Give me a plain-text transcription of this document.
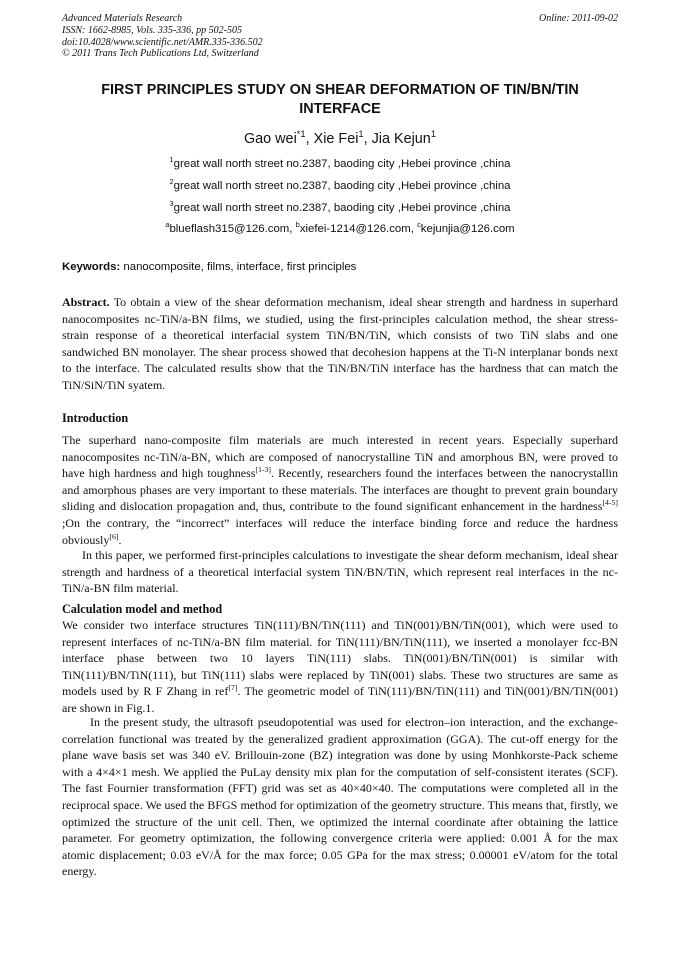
Advanced Materials Research
ISSN: 1662-8985, Vols. 335-336, pp 502-505
doi:10.4028/www.scientific.net/AMR.335-336.502
© 2011 Trans Tech Publications Ltd, Switzerland
Online: 2011-09-02
FIRST PRINCIPLES STUDY ON SHEAR DEFORMATION OF TIN/BN/TIN INTERFACE
Gao wei$^{*1}$, Xie Fei$^1$, Jia Kejun$^1$
$^1$great wall north street no.2387, baoding city ,Hebei province ,china
$^2$great wall north street no.2387, baoding city ,Hebei province ,china
$^3$great wall north street no.2387, baoding city ,Hebei province ,china
$^a$blueflash315@126.com, $^b$xiefei-1214@126.com, $^c$kejunjia@126.com
Keywords: nanocomposite, films, interface, first principles
Abstract. To obtain a view of the shear deformation mechanism, ideal shear strength and hardness in superhard nanocomposites nc-TiN/a-BN films, we studied, using the first-principles calculation method, the shear stress-strain response of a theoretical interfacial system TiN/BN/TiN, which consists of two TiN slabs and one sandwiched BN monolayer. The shear process showed that decohesion happens at the Ti-N interplanar bonds next to the interface. The calculated results show that the TiN/BN/TiN interface has the hardness that can match the TiN/SiN/TiN syatem.
Introduction
The superhard nano-composite film materials are much interested in recent years. Especially superhard nanocomposites nc-TiN/a-BN, which are composed of nanocrystalline TiN and amorphous BN, were proved to have high hardness and high toughness[1-3]. Recently, researchers found the interfaces between the nanocrystallin and amorphous phases are very important to these materials. The interfaces are thought to prevent grain boundary sliding and dislocation propagation and, thus, contribute to the found significant enhancement in the hardness[4-5] ;On the contrary, the “incorrect” interfaces will reduce the interface binding force and reduce the hardness obviously[6].
In this paper, we performed first-principles calculations to investigate the shear deform mechanism, ideal shear strength and hardness of a theoretical interfacial system TiN/BN/TiN, which represent real interfaces in the nc-TiN/a-BN film material.
Calculation model and method
We consider two interface structures TiN(111)/BN/TiN(111) and TiN(001)/BN/TiN(001), which were used to represent interfaces of nc-TiN/a-BN film material. for TiN(111)/BN/TiN(111), we inserted a monolayer fcc-BN interface phase between two 10 layers TiN(111) slabs. TiN(001)/BN/TiN(001) is similar with TiN(111)/BN/TiN(111), but TiN(111) slabs were replaced by TiN(001) slabs. These two structures are same as models used by R F Zhang in ref[7]. The geometric model of TiN(111)/BN/TiN(111) and TiN(001)/BN/TiN(001) are shown in Fig.1.
In the present study, the ultrasoft pseudopotential was used for electron–ion interaction, and the exchange-correlation functional was treated by the generalized gradient approximation (GGA). The cut-off energy for the plane wave basis set was 340 eV. Brillouin-zone (BZ) integration was done by using Monhkorste-Pack scheme with a 4×4×1 mesh. We applied the PuLay density mix plan for the computation of self-consistent iterates (SCF). The fast Fournier transformation (FFT) grid was set as 40×40×40. The computations were completed all in the reciprocal space. We used the BFGS method for optimization of the geometry structure. This means that, firstly, we optimized the structure of the unit cell. Then, we optimized the internal coordinate after obtaining the lattice parameter. For geometry optimization, the following convergence criteria were applied: 0.001 Å for the max atomic displacement; 0.03 eV/Å for the max force; 0.05 GPa for the max stress; 0.00001 eV/atom for the total energy.
